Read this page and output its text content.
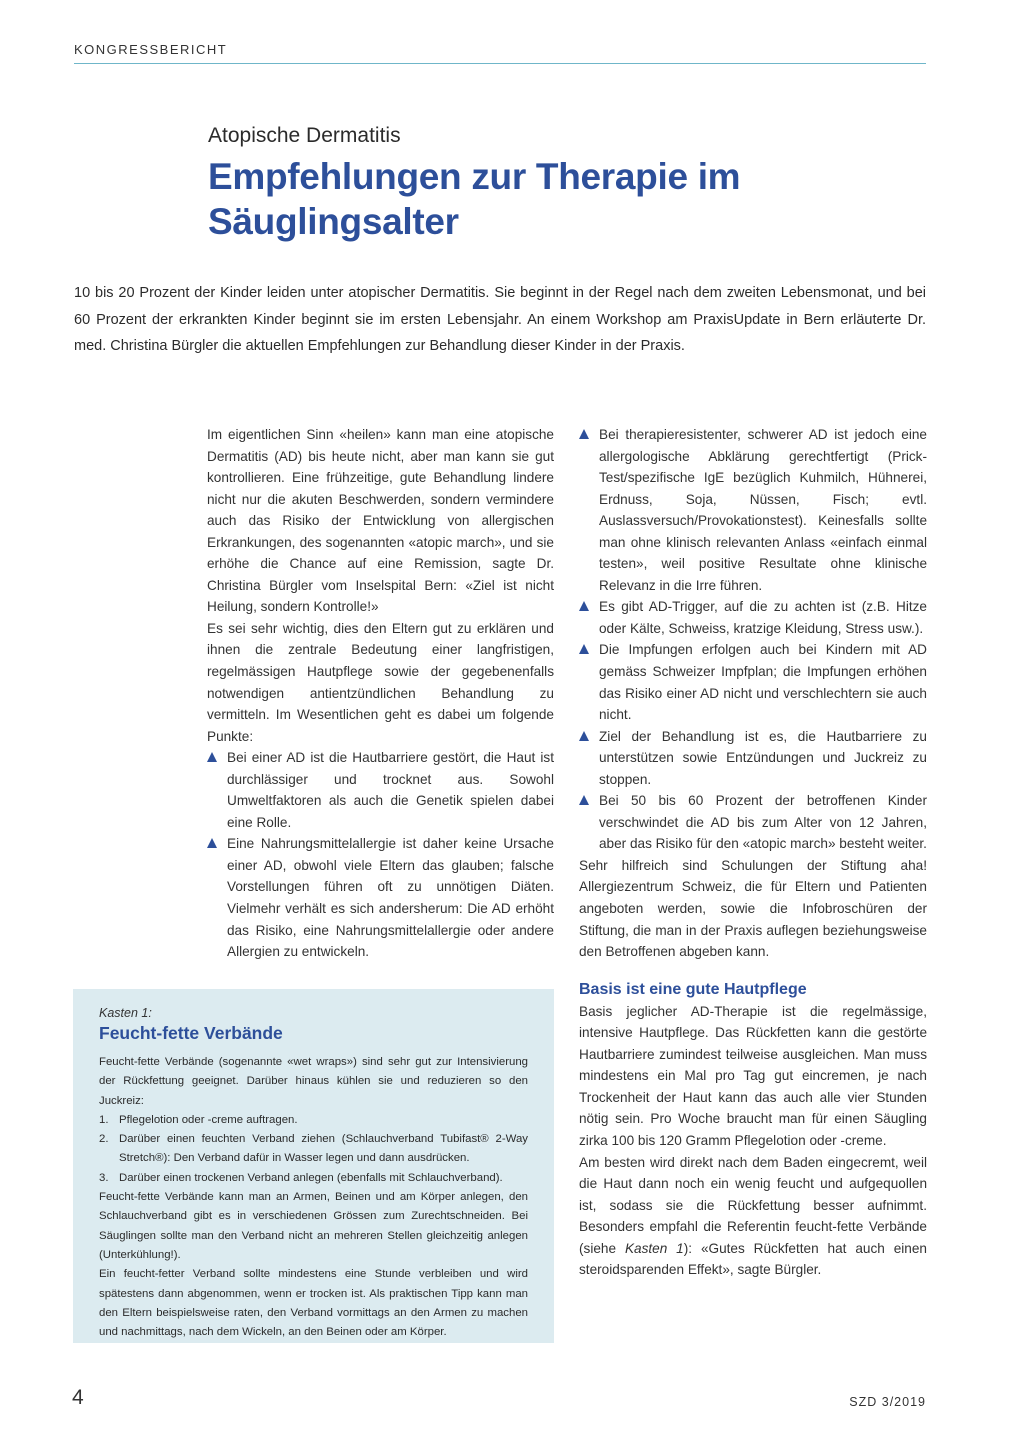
KONGRESSBERICHT
Atopische Dermatitis
Empfehlungen zur Therapie im Säuglingsalter

10 bis 20 Prozent der Kinder leiden unter atopischer Dermatitis. Sie beginnt in der Regel nach dem zweiten Lebensmonat, und bei 60 Prozent der erkrankten Kinder beginnt sie im ersten Lebensjahr. An einem Workshop am PraxisUpdate in Bern erläuterte Dr. med. Christina Bürgler die aktuellen Empfehlungen zur Behandlung dieser Kinder in der Praxis.

Im eigentlichen Sinn «heilen» kann man eine atopische Dermatitis (AD) bis heute nicht, aber man kann sie gut kontrollieren. Eine frühzeitige, gute Behandlung lindere nicht nur die akuten Beschwerden, sondern vermindere auch das Risiko der Entwicklung von allergischen Erkrankungen, des sogenannten «atopic march», und sie erhöhe die Chance auf eine Remission, sagte Dr. Christina Bürgler vom Inselspital Bern: «Ziel ist nicht Heilung, sondern Kontrolle!»

Es sei sehr wichtig, dies den Eltern gut zu erklären und ihnen die zentrale Bedeutung einer langfristigen, regelmässigen Hautpflege sowie der gegebenenfalls notwendigen antientzündlichen Behandlung zu vermitteln. Im Wesentlichen geht es dabei um folgende Punkte:

Bei einer AD ist die Hautbarriere gestört, die Haut ist durchlässiger und trocknet aus. Sowohl Umweltfaktoren als auch die Genetik spielen dabei eine Rolle.
Eine Nahrungsmittelallergie ist daher keine Ursache einer AD, obwohl viele Eltern das glauben; falsche Vorstellungen führen oft zu unnötigen Diäten. Vielmehr verhält es sich andersherum: Die AD erhöht das Risiko, eine Nahrungsmittelallergie oder andere Allergien zu entwickeln.
Bei therapieresistenter, schwerer AD ist jedoch eine allergologische Abklärung gerechtfertigt (Prick-Test/spezifische IgE bezüglich Kuhmilch, Hühnerei, Erdnuss, Soja, Nüssen, Fisch; evtl. Auslassversuch/Provokationstest). Keinesfalls sollte man ohne klinisch relevanten Anlass «einfach einmal testen», weil positive Resultate ohne klinische Relevanz in die Irre führen.
Es gibt AD-Trigger, auf die zu achten ist (z.B. Hitze oder Kälte, Schweiss, kratzige Kleidung, Stress usw.).
Die Impfungen erfolgen auch bei Kindern mit AD gemäss Schweizer Impfplan; die Impfungen erhöhen das Risiko einer AD nicht und verschlechtern sie auch nicht.
Ziel der Behandlung ist es, die Hautbarriere zu unterstützen sowie Entzündungen und Juckreiz zu stoppen.
Bei 50 bis 60 Prozent der betroffenen Kinder verschwindet die AD bis zum Alter von 12 Jahren, aber das Risiko für den «atopic march» besteht weiter.

Sehr hilfreich sind Schulungen der Stiftung aha! Allergiezentrum Schweiz, die für Eltern und Patienten angeboten werden, sowie die Infobroschüren der Stiftung, die man in der Praxis auflegen beziehungsweise den Betroffenen abgeben kann.

Basis ist eine gute Hautpflege

Basis jeglicher AD-Therapie ist die regelmässige, intensive Hautpflege. Das Rückfetten kann die gestörte Hautbarriere zumindest teilweise ausgleichen. Man muss mindestens ein Mal pro Tag gut eincremen, je nach Trockenheit der Haut kann das auch alle vier Stunden nötig sein. Pro Woche braucht man für einen Säugling zirka 100 bis 120 Gramm Pflegelotion oder -creme.

Am besten wird direkt nach dem Baden eingecremt, weil die Haut dann noch ein wenig feucht und aufgequollen ist, sodass sie die Rückfettung besser aufnimmt. Besonders empfahl die Referentin feucht-fette Verbände (siehe Kasten 1): «Gutes Rückfetten hat auch einen steroidsparenden Effekt», sagte Bürgler.

Kasten 1:
Feucht-fette Verbände

Feucht-fette Verbände (sogenannte «wet wraps») sind sehr gut zur Intensivierung der Rückfettung geeignet. Darüber hinaus kühlen sie und reduzieren so den Juckreiz:

1. Pflegelotion oder -creme auftragen.
2. Darüber einen feuchten Verband ziehen (Schlauchverband Tubifast® 2-Way Stretch®): Den Verband dafür in Wasser legen und dann ausdrücken.
3. Darüber einen trockenen Verband anlegen (ebenfalls mit Schlauchverband).

Feucht-fette Verbände kann man an Armen, Beinen und am Körper anlegen, den Schlauchverband gibt es in verschiedenen Grössen zum Zurechtschneiden. Bei Säuglingen sollte man den Verband nicht an mehreren Stellen gleichzeitig anlegen (Unterkühlung!).

Ein feucht-fetter Verband sollte mindestens eine Stunde verbleiben und wird spätestens dann abgenommen, wenn er trocken ist. Als praktischen Tipp kann man den Eltern beispielsweise raten, den Verband vormittags an den Armen zu machen und nachmittags, nach dem Wickeln, an den Beinen oder am Körper.

4	SZD 3/2019
